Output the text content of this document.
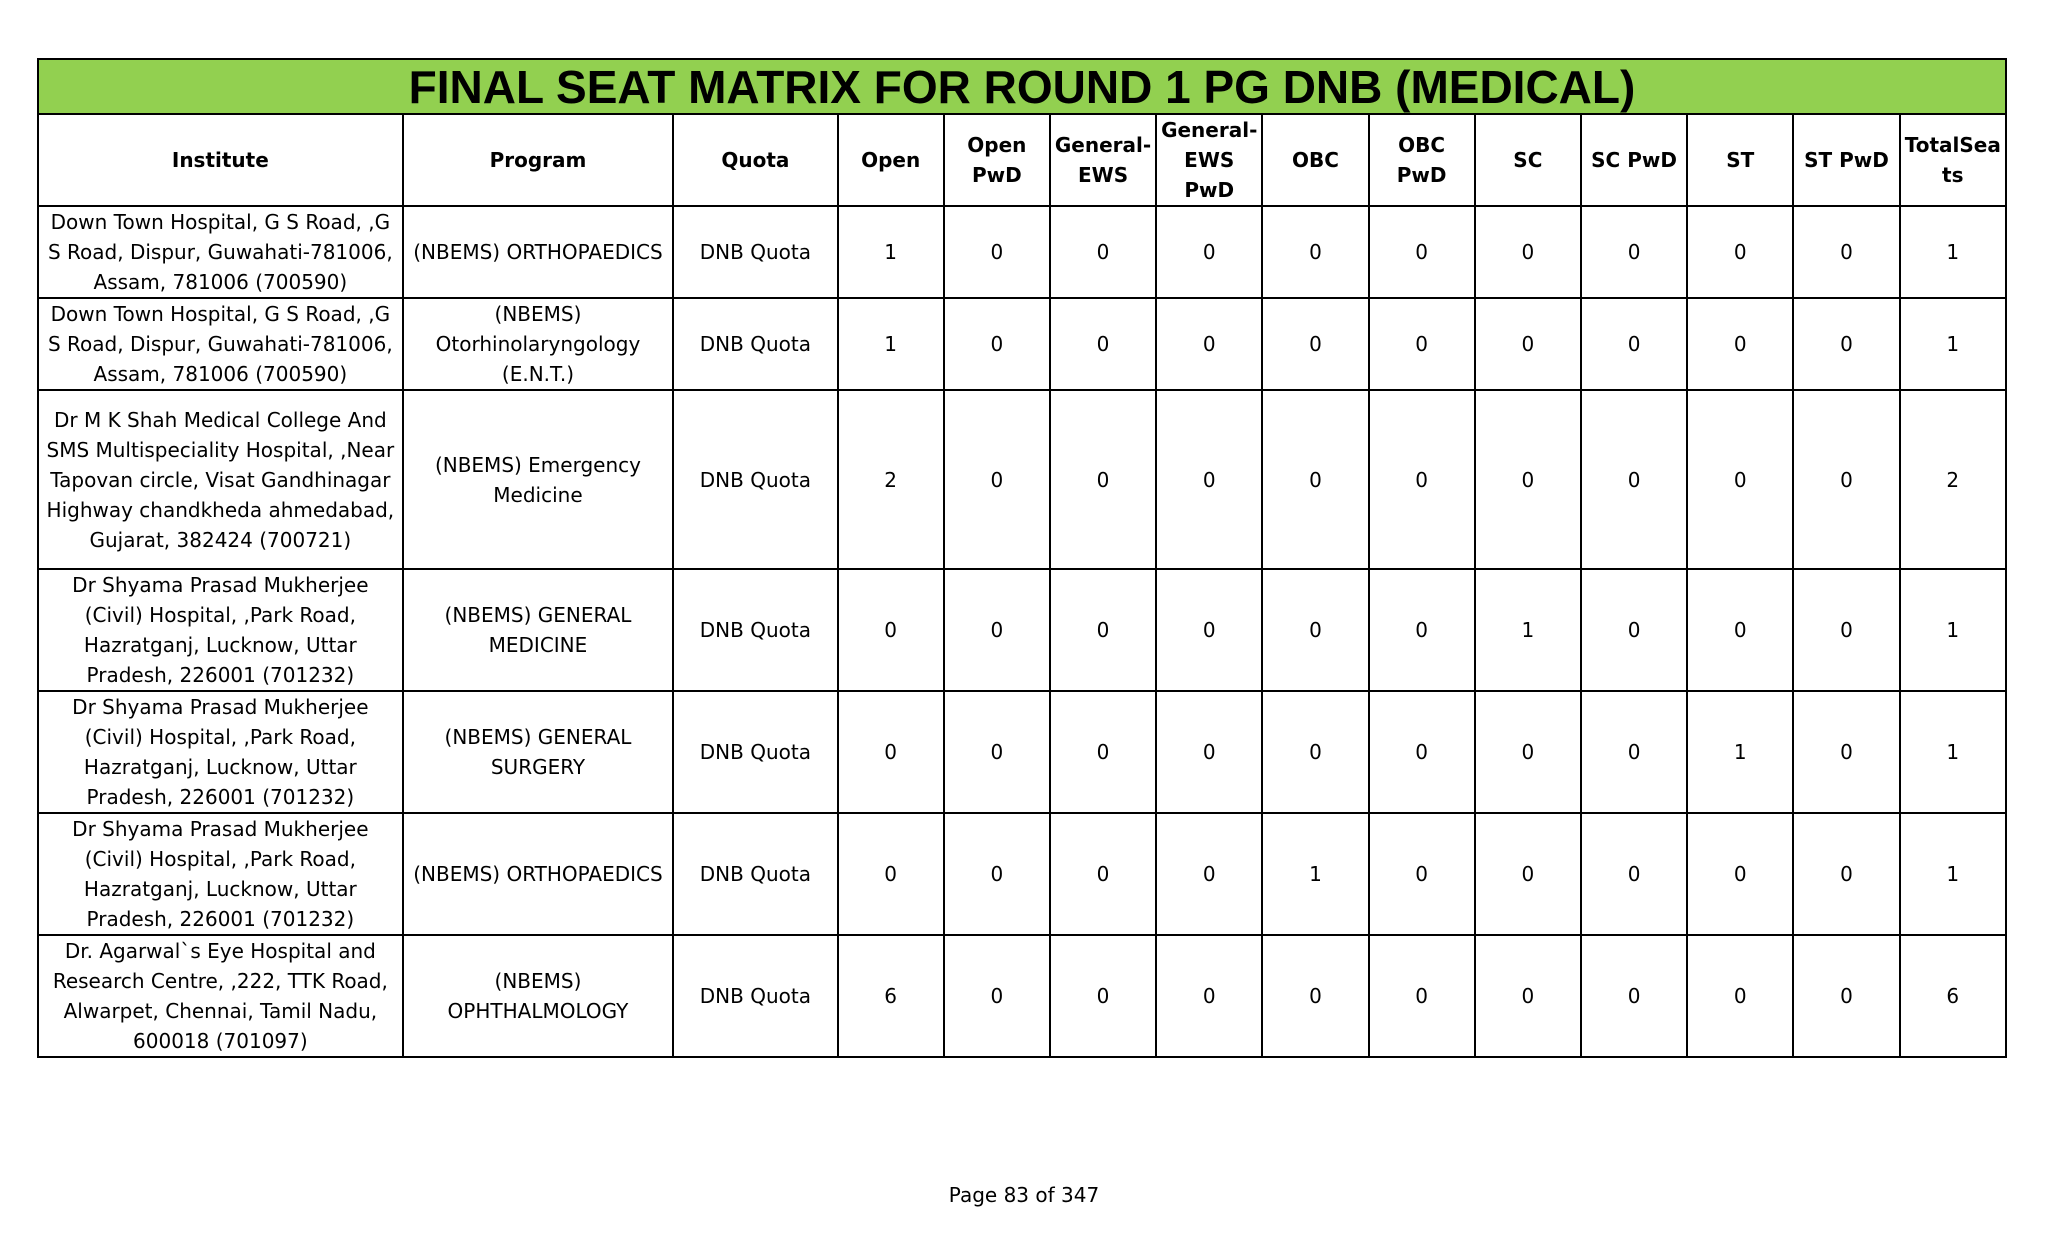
FINAL SEAT MATRIX FOR ROUND 1 PG DNB (MEDICAL)													
Institute	Program	Quota	Open	Open PwD	General-EWS	General-EWS PwD	OBC	OBC PwD	SC	SC PwD	ST	ST PwD	TotalSeats
Down Town Hospital, G S Road, ,G S Road, Dispur, Guwahati-781006, Assam, 781006 (700590)	(NBEMS) ORTHOPAEDICS	DNB Quota	1	0	0	0	0	0	0	0	0	0	1
Down Town Hospital, G S Road, ,G S Road, Dispur, Guwahati-781006, Assam, 781006 (700590)	(NBEMS) Otorhinolaryngology (E.N.T.)	DNB Quota	1	0	0	0	0	0	0	0	0	0	1
Dr M K Shah Medical College And SMS Multispeciality Hospital, ,Near Tapovan circle, Visat Gandhinagar Highway chandkheda ahmedabad, Gujarat, 382424 (700721)	(NBEMS) Emergency Medicine	DNB Quota	2	0	0	0	0	0	0	0	0	0	2
Dr Shyama Prasad Mukherjee (Civil) Hospital, ,Park Road, Hazratganj, Lucknow, Uttar Pradesh, 226001 (701232)	(NBEMS) GENERAL MEDICINE	DNB Quota	0	0	0	0	0	0	1	0	0	0	1
Dr Shyama Prasad Mukherjee (Civil) Hospital, ,Park Road, Hazratganj, Lucknow, Uttar Pradesh, 226001 (701232)	(NBEMS) GENERAL SURGERY	DNB Quota	0	0	0	0	0	0	0	0	1	0	1
Dr Shyama Prasad Mukherjee (Civil) Hospital, ,Park Road, Hazratganj, Lucknow, Uttar Pradesh, 226001 (701232)	(NBEMS) ORTHOPAEDICS	DNB Quota	0	0	0	0	1	0	0	0	0	0	1
Dr. Agarwal`s Eye Hospital and Research Centre, ,222, TTK Road, Alwarpet, Chennai, Tamil Nadu, 600018 (701097)	(NBEMS) OPHTHALMOLOGY	DNB Quota	6	0	0	0	0	0	0	0	0	0	6
Page 83 of 347
